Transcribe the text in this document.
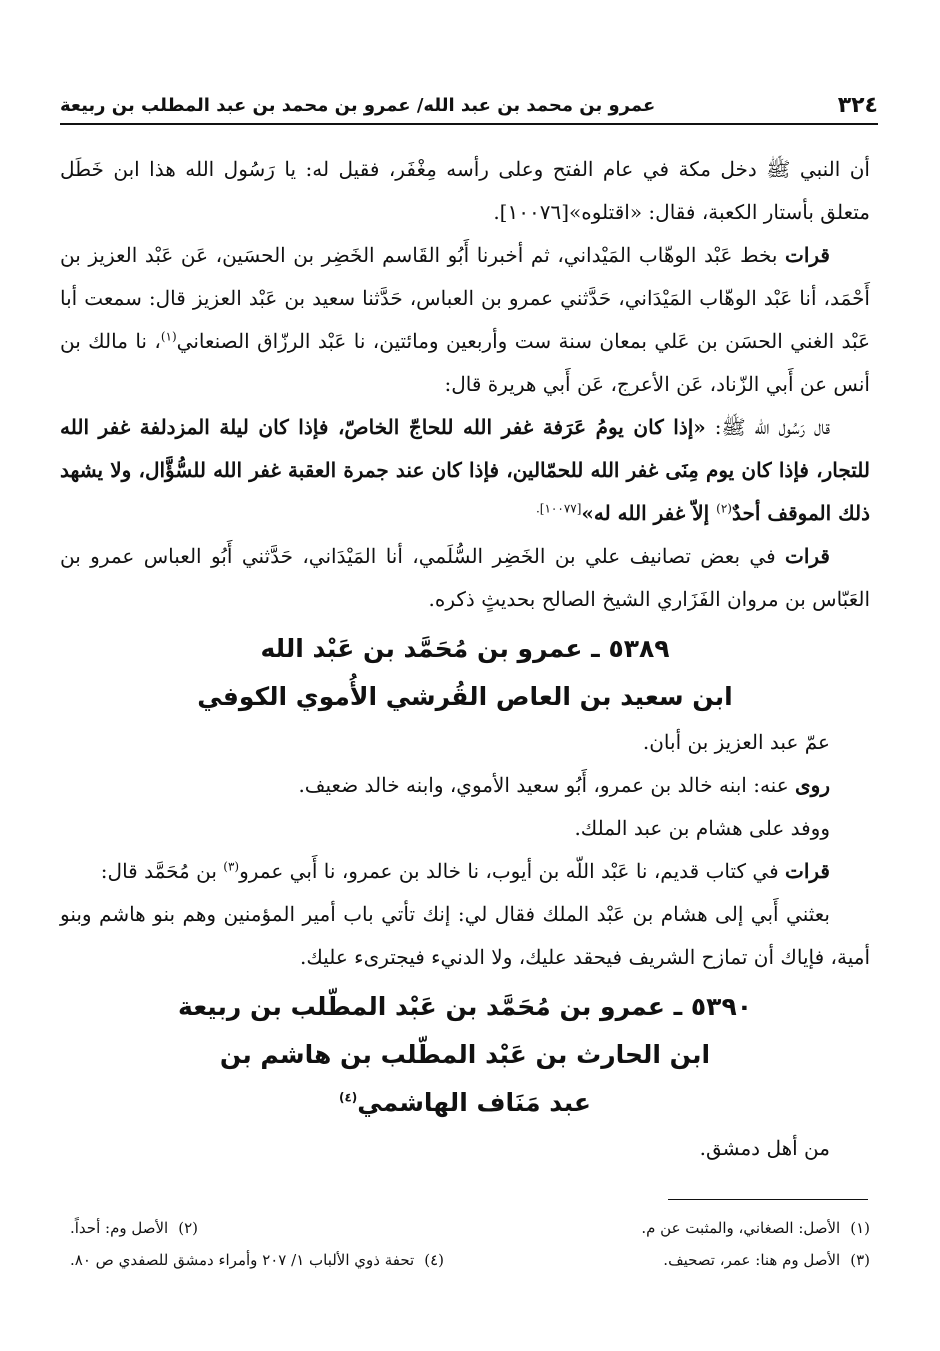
٣٢٤
عمرو بن محمد بن عبد الله/ عمرو بن محمد بن عبد المطلب بن ربيعة

أن النبي ﷺ دخل مكة في عام الفتح وعلى رأسه مِغْفَر، فقيل له: يا رَسُول الله هذا ابن خَطَل متعلق بأستار الكعبة، فقال: «اقتلوه»[١٠٠٧٦].

قرات بخط عَبْد الوهّاب المَيْداني، ثم أخبرنا أَبُو القَاسم الخَضِر بن الحسَين، عَن عَبْد العزيز بن أَحْمَد، أنا عَبْد الوهّاب المَيْدَاني، حَدَّثني عمرو بن العباس، حَدَّثنا سعيد بن عَبْد العزيز قال: سمعت أبا عَبْد الغني الحسَن بن عَلي بمعان سنة ست وأربعين ومائتين، نا عَبْد الرزّاق الصنعاني$^{(١)}$، نا مالك بن أنس عن أَبي الزّناد، عَن الأعرج، عَن أَبي هريرة قال:

قال رَسُول الله ﷺ: «إذا كان يومُ عَرَفة غفر الله للحاجّ الخاصّ، فإذا كان ليلة المزدلفة غفر الله للتجار، فإذا كان يوم مِنَى غفر الله للحمّالين، فإذا كان عند جمرة العقبة غفر الله للسُّؤَّال، ولا يشهد ذلك الموقف أحدٌ$^{(٢)}$ إلاّ غفر الله له»$^{[١٠٠٧٧].}$

قرات في بعض تصانيف علي بن الخَضِر السُّلَمي، أنا المَيْدَاني، حَدَّثني أَبُو العباس عمرو بن العَبّاس بن مروان الفَزَاري الشيخ الصالح بحديثٍ ذكره.

٥٣٨٩ ـ عمرو بن مُحَمَّد بن عَبْد الله
ابن سعيد بن العاص القُرشي الأُموي الكوفي

عمّ عبد العزيز بن أبان.

روى عنه: ابنه خالد بن عمرو، أَبُو سعيد الأموي، وابنه خالد ضعيف.

ووفد على هشام بن عبد الملك.

قرات في كتاب قديم، نا عَبْد اللّه بن أيوب، نا خالد بن عمرو، نا أَبي عمرو$^{(٣)}$ بن مُحَمَّد قال:

بعثني أَبي إلى هشام بن عَبْد الملك فقال لي: إنك تأتي باب أمير المؤمنين وهم بنو هاشم وبنو أمية، فإياك أن تمازح الشريف فيحقد عليك، ولا الدنيء فيجترىء عليك.

٥٣٩٠ ـ عمرو بن مُحَمَّد بن عَبْد المطّلب بن ربيعة
ابن الحارث بن عَبْد المطّلب بن هاشم بن
عبد مَنَاف الهاشمي$^{(٤)}$

من أهل دمشق.

(١)الأصل: الصغاني، والمثبت عن م.
(٢)الأصل وم: أحداً.
(٣)الأصل وم هنا: عمر، تصحيف.
(٤)تحفة ذوي الألباب ١/ ٢٠٧ وأمراء دمشق للصفدي ص ٨٠.
